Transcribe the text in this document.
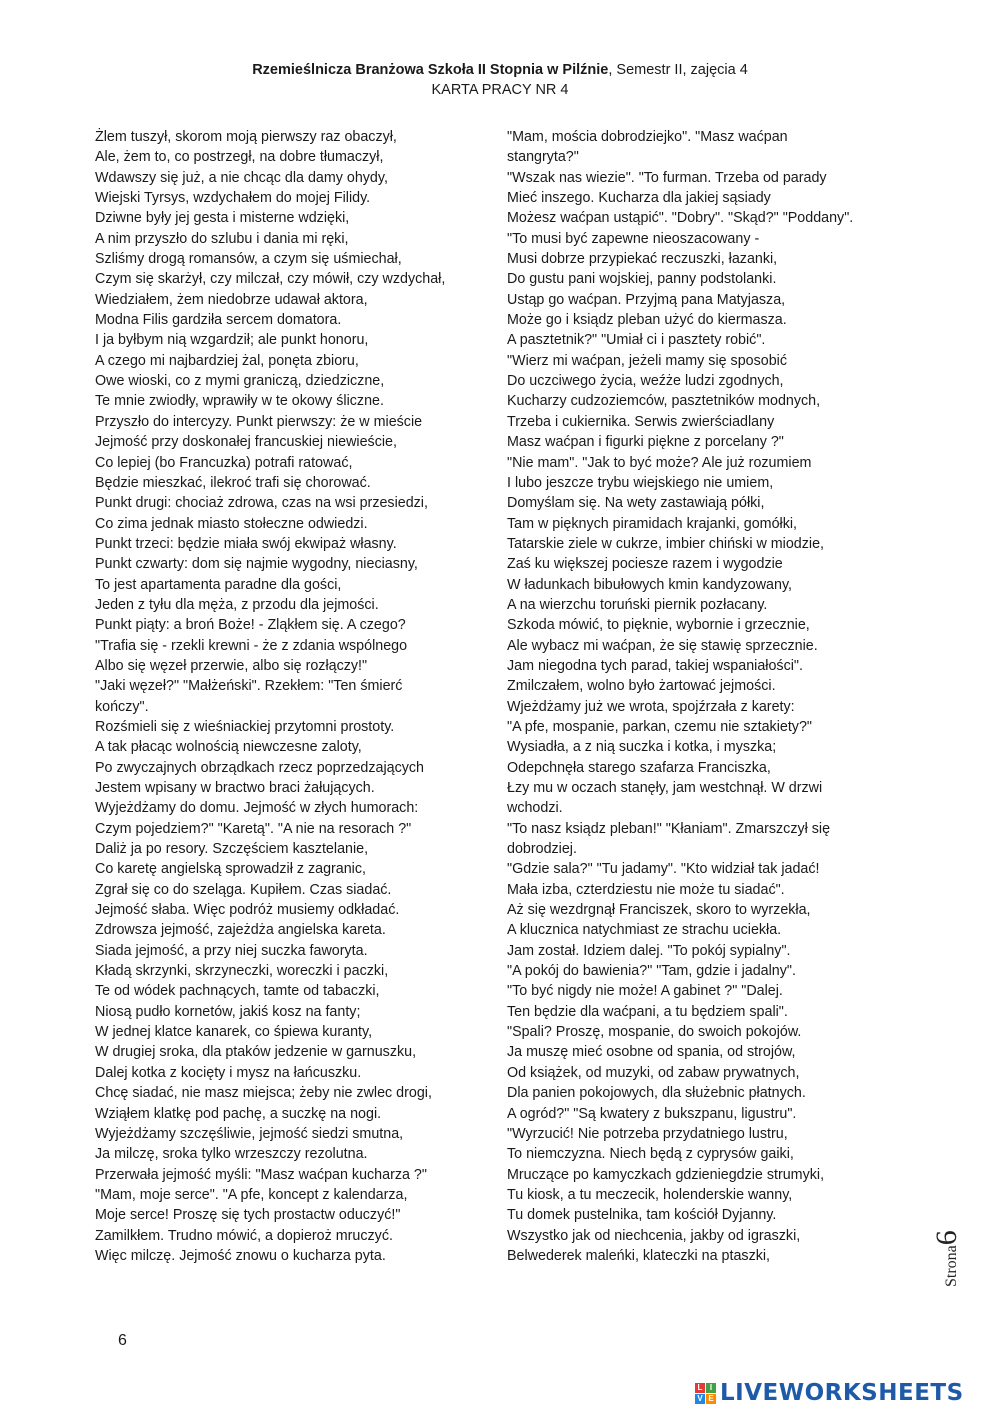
Rzemieślnicza Branżowa Szkoła II Stopnia w Pilźnie, Semestr II, zajęcia 4
KARTA PRACY NR 4
Żlem tuszył, skorom moją pierwszy raz obaczył,
Ale, żem to, co postrzegł, na dobre tłumaczył,
Wdawszy się już, a nie chcąc dla damy ohydy,
Wiejski Tyrsys, wzdychałem do mojej Filidy.
Dziwne były jej gesta i misterne wdzięki,
A nim przyszło do szlubu i dania mi ręki,
Szliśmy drogą romansów, a czym się uśmiechał,
Czym się skarżył, czy milczał, czy mówił, czy wzdychał,
Wiedziałem, żem niedobrze udawał aktora,
Modna Filis gardziła sercem domatora.
I ja byłbym nią wzgardził; ale punkt honoru,
A czego mi najbardziej żal, ponęta zbioru,
Owe wioski, co z mymi graniczą, dziedziczne,
Te mnie zwiodły, wprawiły w te okowy śliczne.
Przyszło do intercyzy. Punkt pierwszy: że w mieście
Jejmość przy doskonałej francuskiej niewieście,
Co lepiej (bo Francuzka) potrafi ratować,
Będzie mieszkać, ilekroć trafi się chorować.
Punkt drugi: chociaż zdrowa, czas na wsi przesiedzi,
Co zima jednak miasto stołeczne odwiedzi.
Punkt trzeci: będzie miała swój ekwipaż własny.
Punkt czwarty: dom się najmie wygodny, nieciasny,
To jest apartamenta paradne dla gości,
Jeden z tyłu dla męża, z przodu dla jejmości.
Punkt piąty: a broń Boże! - Zląkłem się. A czego?
"Trafia się - rzekli krewni - że z zdania wspólnego
Albo się węzeł przerwie, albo się rozłączy!"
"Jaki węzeł?" "Małżeński". Rzekłem: "Ten śmierć
kończy".
Rozśmieli się z wieśniackiej przytomni prostoty.
A tak płacąc wolnością niewczesne zaloty,
Po zwyczajnych obrządkach rzecz poprzedzających
Jestem wpisany w bractwo braci żałujących.
Wyjeżdżamy do domu. Jejmość w złych humorach:
Czym pojedziem?" "Karetą". "A nie na resorach ?"
Daliż ja po resory. Szczęściem kasztelanie,
Co karetę angielską sprowadził z zagranic,
Zgrał się co do szeląga. Kupiłem. Czas siadać.
Jejmość słaba. Więc podróż musiemy odkładać.
Zdrowsza jejmość, zajeżdża angielska kareta.
Siada jejmość, a przy niej suczka faworyta.
Kładą skrzynki, skrzyneczki, woreczki i paczki,
Te od wódek pachnących, tamte od tabaczki,
Niosą pudło kornetów, jakiś kosz na fanty;
W jednej klatce kanarek, co śpiewa kuranty,
W drugiej sroka, dla ptaków jedzenie w garnuszku,
Dalej kotka z kocięty i mysz na łańcuszku.
Chcę siadać, nie masz miejsca; żeby nie zwlec drogi,
Wziąłem klatkę pod pachę, a suczkę na nogi.
Wyjeżdżamy szczęśliwie, jejmość siedzi smutna,
Ja milczę, sroka tylko wrzeszczy rezolutna.
Przerwała jejmość myśli: "Masz waćpan kucharza ?"
"Mam, moje serce". "A pfe, koncept z kalendarza,
Moje serce! Proszę się tych prostactw oduczyć!"
Zamilkłem. Trudno mówić, a dopieroż mruczyć.
Więc milczę. Jejmość znowu o kucharza pyta.
"Mam, mościa dobrodziejko". "Masz waćpan
stangryta?"
"Wszak nas wiezie". "To furman. Trzeba od parady
Mieć inszego. Kucharza dla jakiej sąsiady
Możesz waćpan ustąpić". "Dobry". "Skąd?" "Poddany".
"To musi być zapewne nieoszacowany -
Musi dobrze przypiekać reczuszki, łazanki,
Do gustu pani wojskiej, panny podstolanki.
Ustąp go waćpan. Przyjmą pana Matyjasza,
Może go i ksiądz pleban użyć do kiermasza.
A pasztetnik?" "Umiał ci i pasztety robić".
"Wierz mi waćpan, jeżeli mamy się sposobić
Do uczciwego życia, weźże ludzi zgodnych,
Kucharzy cudzoziemców, pasztetników modnych,
Trzeba i cukiernika. Serwis zwierściadlany
Masz waćpan i figurki piękne z porcelany ?"
"Nie mam". "Jak to być może? Ale już rozumiem
I lubo jeszcze trybu wiejskiego nie umiem,
Domyślam się. Na wety zastawiają półki,
Tam w pięknych piramidach krajanki, gomółki,
Tatarskie ziele w cukrze, imbier chiński w miodzie,
Zaś ku większej pociesze razem i wygodzie
W ładunkach bibułowych kmin kandyzowany,
A na wierzchu toruński piernik pozłacany.
Szkoda mówić, to pięknie, wybornie i grzecznie,
Ale wybacz mi waćpan, że się stawię sprzecznie.
Jam niegodna tych parad, takiej wspaniałości".
Zmilczałem, wolno było żartować jejmości.
Wjeżdżamy już we wrota, spojźrzała z karety:
"A pfe, mospanie, parkan, czemu nie sztakiety?"
Wysiadła, a z nią suczka i kotka, i myszka;
Odepchnęła starego szafarza Franciszka,
Łzy mu w oczach stanęły, jam westchnął. W drzwi
wchodzi.
"To nasz ksiądz pleban!" "Kłaniam". Zmarszczył się
dobrodziej.
"Gdzie sala?" "Tu jadamy". "Kto widział tak jadać!
Mała izba, czterdziestu nie może tu siadać".
Aż się wezdrgnął Franciszek, skoro to wyrzekła,
A klucznica natychmiast ze strachu uciekła.
Jam został. Idziem dalej. "To pokój sypialny".
"A pokój do bawienia?" "Tam, gdzie i jadalny".
"To być nigdy nie może! A gabinet ?" "Dalej.
Ten będzie dla waćpani, a tu będziem spali".
"Spali? Proszę, mospanie, do swoich pokojów.
Ja muszę mieć osobne od spania, od strojów,
Od książek, od muzyki, od zabaw prywatnych,
Dla panien pokojowych, dla służebnic płatnych.
A ogród?" "Są kwatery z bukszpanu, ligustru".
"Wyrzucić! Nie potrzeba przydatniego lustru,
To niemczyzna. Niech będą z cyprysów gaiki,
Mruczące po kamyczkach gdzieniegdzie strumyki,
Tu kiosk, a tu meczecik, holenderskie wanny,
Tu domek pustelnika, tam kościół Dyjanny.
Wszystko jak od niechcenia, jakby od igraszki,
Belwederek maleńki, klateczki na ptaszki,	Strona6
6
L I
V E LIVEWORKSHEETS
